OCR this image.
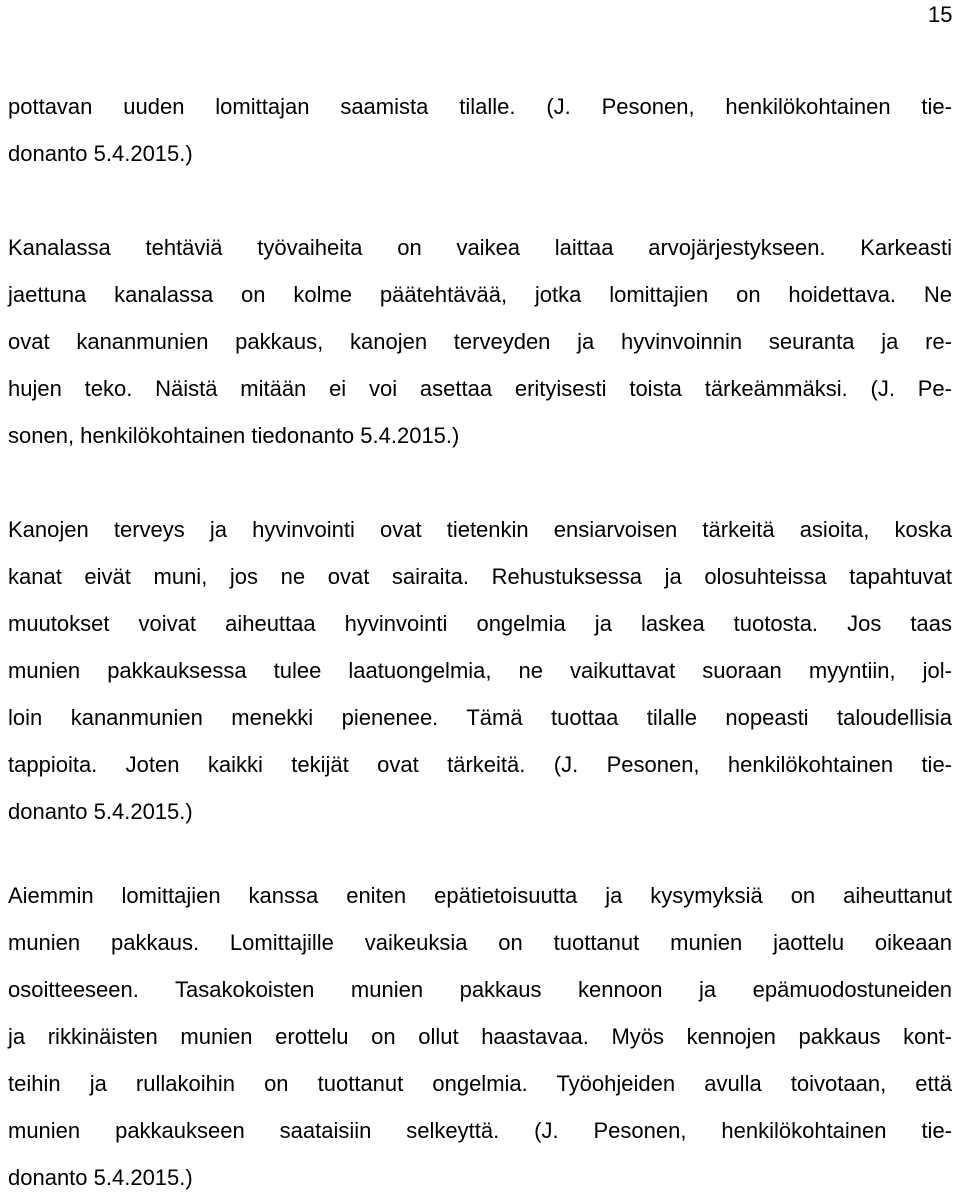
15
pottavan uuden lomittajan saamista tilalle. (J. Pesonen, henkilökohtainen tie-
donanto 5.4.2015.)
Kanalassa tehtäviä työvaiheita on vaikea laittaa arvojärjestykseen. Karkeasti
jaettuna kanalassa on kolme päätehtävää, jotka lomittajien on hoidettava. Ne
ovat kananmunien pakkaus, kanojen terveyden ja hyvinvoinnin seuranta ja re-
hujen teko. Näistä mitään ei voi asettaa erityisesti toista tärkeämmäksi. (J. Pe-
sonen, henkilökohtainen tiedonanto 5.4.2015.)
Kanojen terveys ja hyvinvointi ovat tietenkin ensiarvoisen tärkeitä asioita, koska
kanat eivät muni, jos ne ovat sairaita. Rehustuksessa ja olosuhteissa tapahtuvat
muutokset voivat aiheuttaa hyvinvointi ongelmia ja laskea tuotosta. Jos taas
munien pakkauksessa tulee laatuongelmia, ne vaikuttavat suoraan myyntiin, jol-
loin kananmunien menekki pienenee. Tämä tuottaa tilalle nopeasti taloudellisia
tappioita. Joten kaikki tekijät ovat tärkeitä. (J. Pesonen, henkilökohtainen tie-
donanto 5.4.2015.)
Aiemmin lomittajien kanssa eniten epätietoisuutta ja kysymyksiä on aiheuttanut
munien pakkaus. Lomittajille vaikeuksia on tuottanut munien jaottelu oikeaan
osoitteeseen. Tasakokoisten munien pakkaus kennoon ja epämuodostuneiden
ja rikkinäisten munien erottelu on ollut haastavaa. Myös kennojen pakkaus kont-
teihin ja rullakoihin on tuottanut ongelmia. Työohjeiden avulla toivotaan, että
munien pakkaukseen saataisiin selkeyttä. (J. Pesonen, henkilökohtainen tie-
donanto 5.4.2015.)
